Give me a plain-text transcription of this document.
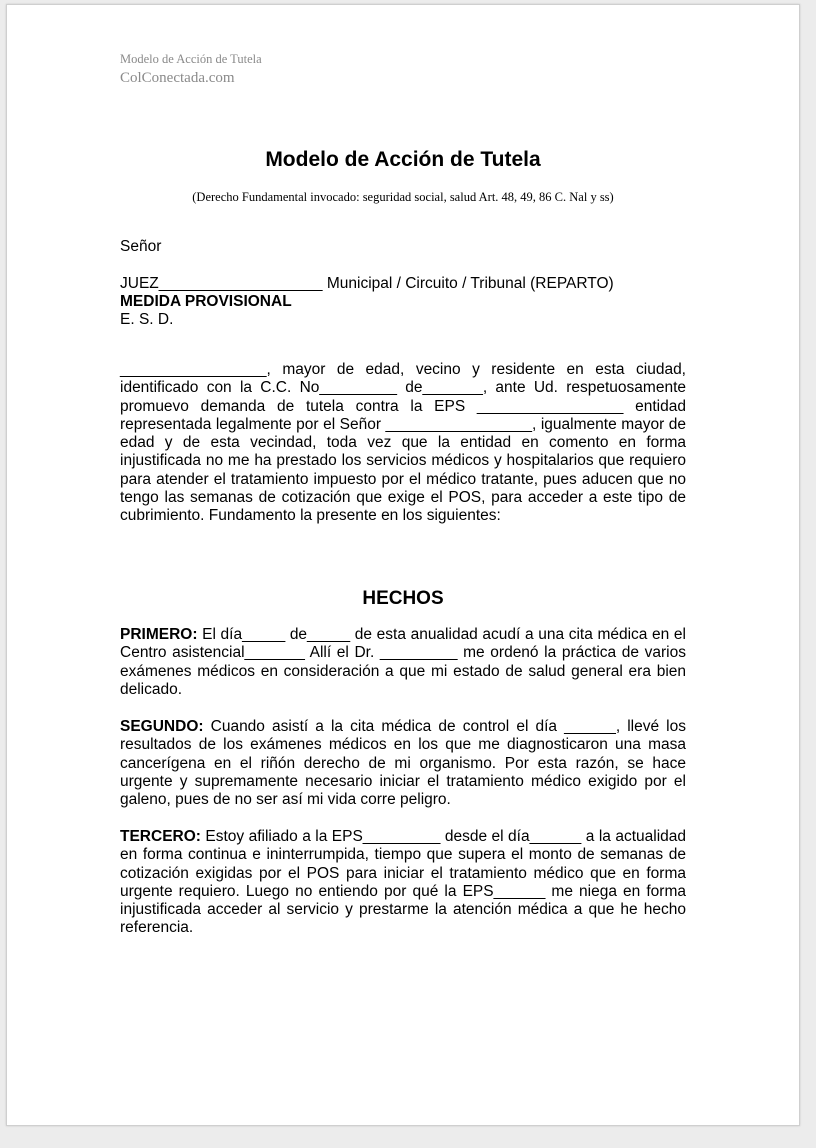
Modelo de Acción de Tutela
ColConectada.com
Modelo de Acción de Tutela
(Derecho Fundamental invocado: seguridad social, salud Art. 48, 49, 86 C. Nal y ss)
Señor
JUEZ___________________ Municipal / Circuito / Tribunal (REPARTO)
MEDIDA PROVISIONAL
E. S. D.

_________________, mayor de edad, vecino y residente en esta ciudad, identificado con la C.C. No_________ de_______, ante Ud. respetuosamente promuevo demanda de tutela contra la EPS _________________ entidad representada legalmente por el Señor _________________, igualmente mayor de edad y de esta vecindad, toda vez que la entidad en comento en forma injustificada no me ha prestado los servicios médicos y hospitalarios que requiero para atender el tratamiento impuesto por el médico tratante, pues aducen que no tengo las semanas de cotización que exige el POS, para acceder a este tipo de cubrimiento. Fundamento la presente en los siguientes:

HECHOS

PRIMERO: El día_____ de_____ de esta anualidad acudí a una cita médica en el Centro asistencial_______ Allí el Dr. _________ me ordenó la práctica de varios exámenes médicos en consideración a que mi estado de salud general era bien delicado.

SEGUNDO: Cuando asistí a la cita médica de control el día ______, llevé los resultados de los exámenes médicos en los que me diagnosticaron una masa cancerígena en el riñón derecho de mi organismo. Por esta razón, se hace urgente y supremamente necesario iniciar el tratamiento médico exigido por el galeno, pues de no ser así mi vida corre peligro.

TERCERO: Estoy afiliado a la EPS_________ desde el día______ a la actualidad en forma continua e ininterrumpida, tiempo que supera el monto de semanas de cotización exigidas por el POS para iniciar el tratamiento médico que en forma urgente requiero. Luego no entiendo por qué la EPS______ me niega en forma injustificada acceder al servicio y prestarme la atención médica a que he hecho referencia.
